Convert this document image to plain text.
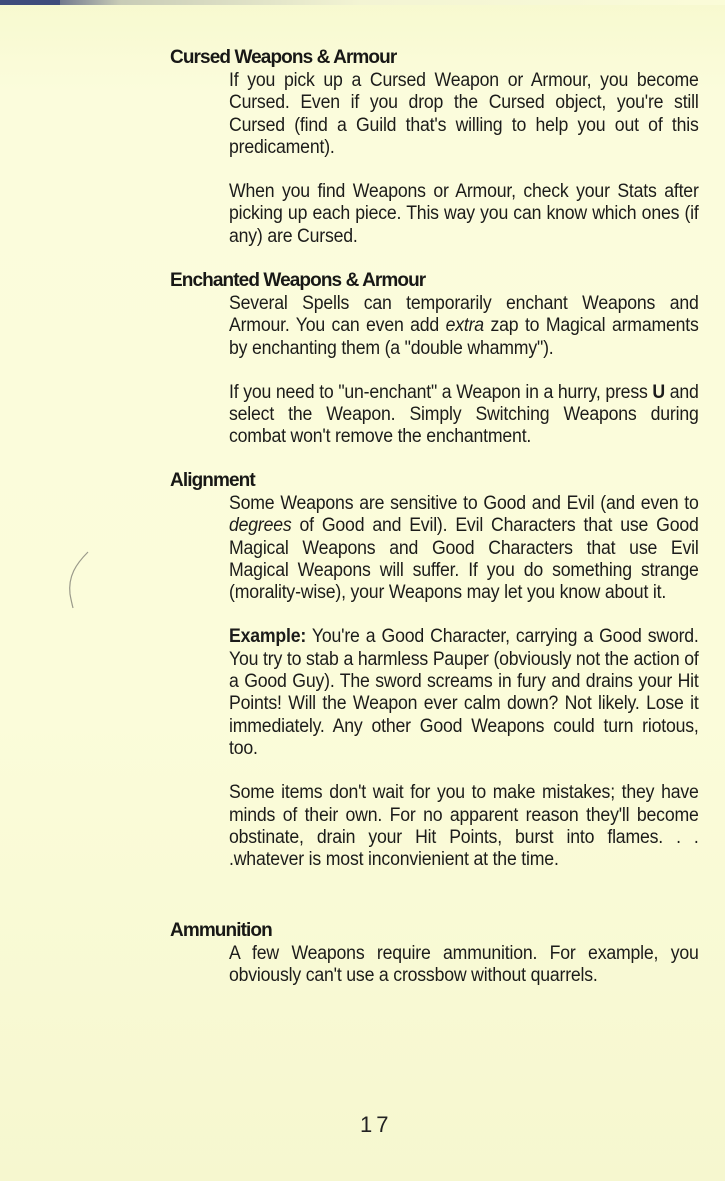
Cursed Weapons & Armour

If you pick up a Cursed Weapon or Armour, you become Cursed. Even if you drop the Cursed object, you're still Cursed (find a Guild that's willing to help you out of this predicament).

When you find Weapons or Armour, check your Stats after picking up each piece. This way you can know which ones (if any) are Cursed.

Enchanted Weapons & Armour

Several Spells can temporarily enchant Weapons and Armour. You can even add extra zap to Magical armaments by enchanting them (a "double whammy").

If you need to "un-enchant" a Weapon in a hurry, press U and select the Weapon. Simply Switching Weapons during combat won't remove the enchantment.

Alignment

Some Weapons are sensitive to Good and Evil (and even to degrees of Good and Evil). Evil Characters that use Good Magical Weapons and Good Characters that use Evil Magical Weapons will suffer. If you do something strange (morality-wise), your Weapons may let you know about it.

Example: You're a Good Character, carrying a Good sword. You try to stab a harmless Pauper (obviously not the action of a Good Guy). The sword screams in fury and drains your Hit Points! Will the Weapon ever calm down? Not likely. Lose it immediately. Any other Good Weapons could turn riotous, too.

Some items don't wait for you to make mistakes; they have minds of their own. For no apparent reason they'll become obstinate, drain your Hit Points, burst into flames. . . .whatever is most inconvienient at the time.

Ammunition

A few Weapons require ammunition. For example, you obviously can't use a crossbow without quarrels.

17
